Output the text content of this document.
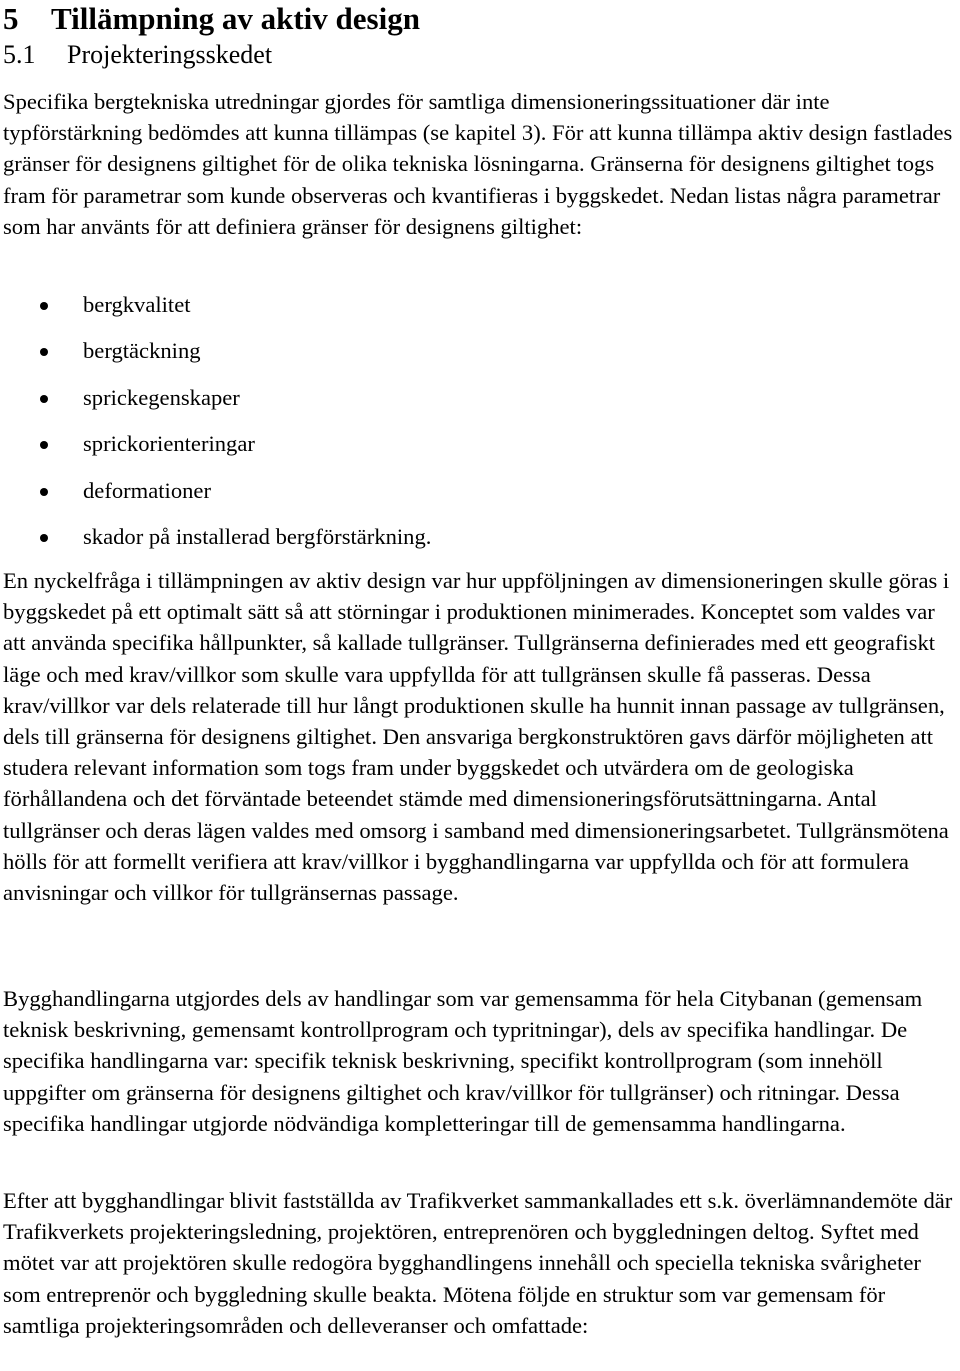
5 Tillämpning av aktiv design
5.1 Projekteringsskedet

Specifika bergtekniska utredningar gjordes för samtliga dimensioneringssituationer där inte typförstärkning bedömdes att kunna tillämpas (se kapitel 3). För att kunna tillämpa aktiv design fastlades gränser för designens giltighet för de olika tekniska lösningarna. Gränserna för designens giltighet togs fram för parametrar som kunde observeras och kvantifieras i byggskedet. Nedan listas några parametrar som har använts för att definiera gränser för designens giltighet:

bergkvalitet
bergtäckning
sprickegenskaper
sprickorienteringar
deformationer
skador på installerad bergförstärkning.

En nyckelfråga i tillämpningen av aktiv design var hur uppföljningen av dimensioneringen skulle göras i byggskedet på ett optimalt sätt så att störningar i produktionen minimerades. Konceptet som valdes var att använda specifika hållpunkter, så kallade tullgränser. Tullgränserna definierades med ett geografiskt läge och med krav/villkor som skulle vara uppfyllda för att tullgränsen skulle få passeras. Dessa krav/villkor var dels relaterade till hur långt produktionen skulle ha hunnit innan passage av tullgränsen, dels till gränserna för designens giltighet. Den ansvariga bergkonstruktören gavs därför möjligheten att studera relevant information som togs fram under byggskedet och utvärdera om de geologiska förhållandena och det förväntade beteendet stämde med dimensioneringsförutsättningarna. Antal tullgränser och deras lägen valdes med omsorg i samband med dimensioneringsarbetet. Tullgränsmötena hölls för att formellt verifiera att krav/villkor i bygghandlingarna var uppfyllda och för att formulera anvisningar och villkor för tullgränsernas passage.

Bygghandlingarna utgjordes dels av handlingar som var gemensamma för hela Citybanan (gemensam teknisk beskrivning, gemensamt kontrollprogram och typritningar), dels av specifika handlingar. De specifika handlingarna var: specifik teknisk beskrivning, specifikt kontrollprogram (som innehöll uppgifter om gränserna för designens giltighet och krav/villkor för tullgränser) och ritningar. Dessa specifika handlingar utgjorde nödvändiga kompletteringar till de gemensamma handlingarna.

Efter att bygghandlingar blivit fastställda av Trafikverket sammankallades ett s.k. överlämnandemöte där Trafikverkets projekteringsledning, projektören, entreprenören och byggledningen deltog. Syftet med mötet var att projektören skulle redogöra bygghandlingens innehåll och speciella tekniska svårigheter som entreprenör och byggledning skulle beakta. Mötena följde en struktur som var gemensam för samtliga projekteringsområden och delleveranser och omfattade:
